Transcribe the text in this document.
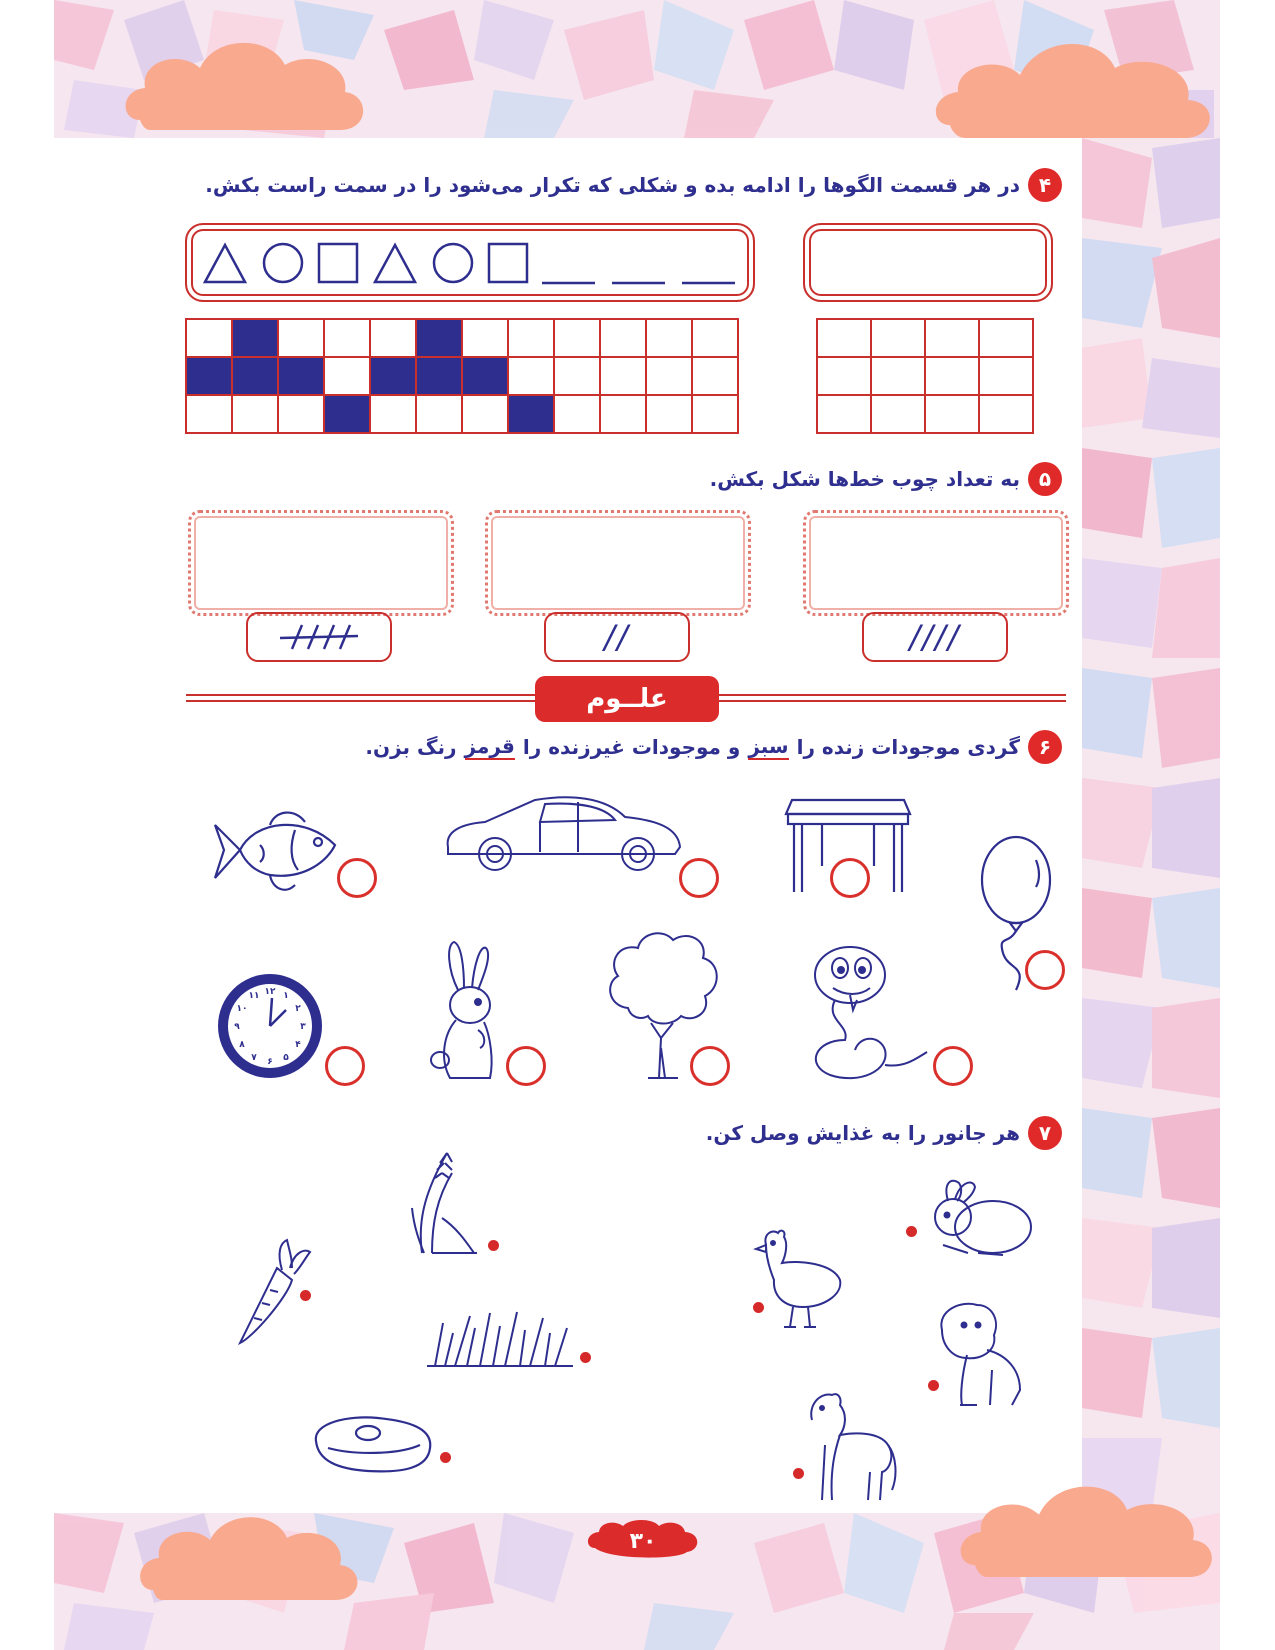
۴
در هر قسمت الگوها را ادامه بده و شکلی که تکرار می‌شود را در سمت راست بکش.

۵
به تعداد چوب خط‌ها شکل بکش.
//	////
علــوم
۶
گردی موجودات زنده را
سبز
و موجودات غیرزنده را
قرمز
رنگ بزن.
۱۲ ۱
۲
۳
۴
۵
۶
۷
۸
۹
۱۰
۱۱
۷
هر جانور را به غذایش وصل کن.
۳۰
